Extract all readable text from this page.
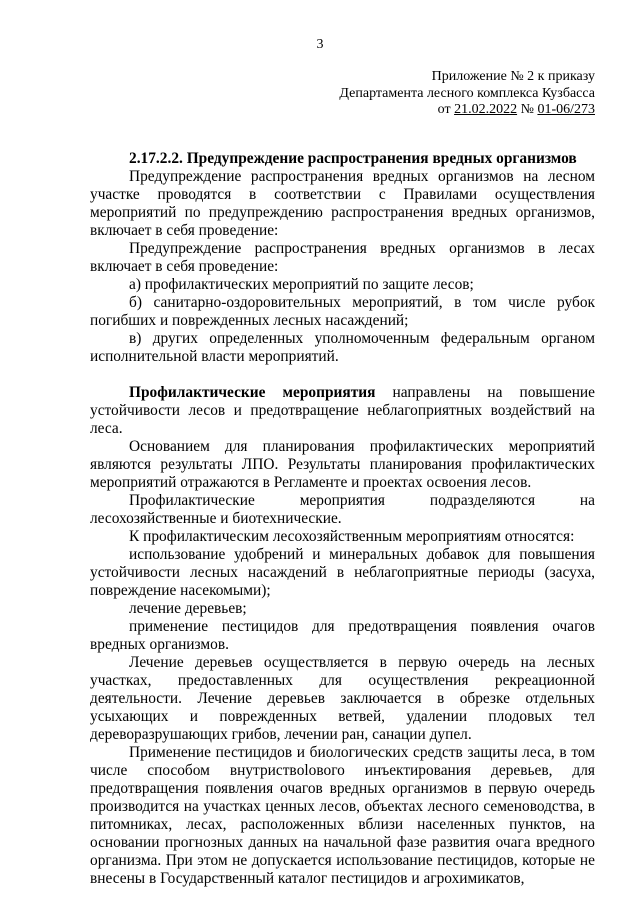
3
Приложение № 2 к приказу
Департамента лесного комплекса Кузбасса
от 21.02.2022 № 01-06/273

2.17.2.2. Предупреждение распространения вредных организмов

Предупреждение распространения вредных организмов на лесном участке проводятся в соответствии с Правилами осуществления мероприятий по предупреждению распространения вредных организмов, включает в себя проведение:

Предупреждение распространения вредных организмов в лесах включает в себя проведение:

а) профилактических мероприятий по защите лесов;

б) санитарно-оздоровительных мероприятий, в том числе рубок погибших и поврежденных лесных насаждений;

в) других определенных уполномоченным федеральным органом исполнительной власти мероприятий.

Профилактические мероприятия направлены на повышение устойчивости лесов и предотвращение неблагоприятных воздействий на леса.

Основанием для планирования профилактических мероприятий являются результаты ЛПО. Результаты планирования профилактических мероприятий отражаются в Регламенте и проектах освоения лесов.

Профилактические мероприятия подразделяются на лесохозяйственные и биотехнические.

К профилактическим лесохозяйственным мероприятиям относятся:

использование удобрений и минеральных добавок для повышения устойчивости лесных насаждений в неблагоприятные периоды (засуха, повреждение насекомыми);

лечение деревьев;

применение пестицидов для предотвращения появления очагов вредных организмов.

Лечение деревьев осуществляется в первую очередь на лесных участках, предоставленных для осуществления рекреационной деятельности. Лечение деревьев заключается в обрезке отдельных усыхающих и поврежденных ветвей, удалении плодовых тел дереворазрушающих грибов, лечении ран, санации дупел.

Применение пестицидов и биологических средств защиты леса, в том числе способом внутриствolового инъектирования деревьев, для предотвращения появления очагов вредных организмов в первую очередь производится на участках ценных лесов, объектах лесного семеноводства, в питомниках, лесах, расположенных вблизи населенных пунктов, на основании прогнозных данных на начальной фазе развития очага вредного организма. При этом не допускается использование пестицидов, которые не внесены в Государственный каталог пестицидов и агрохимикатов,
